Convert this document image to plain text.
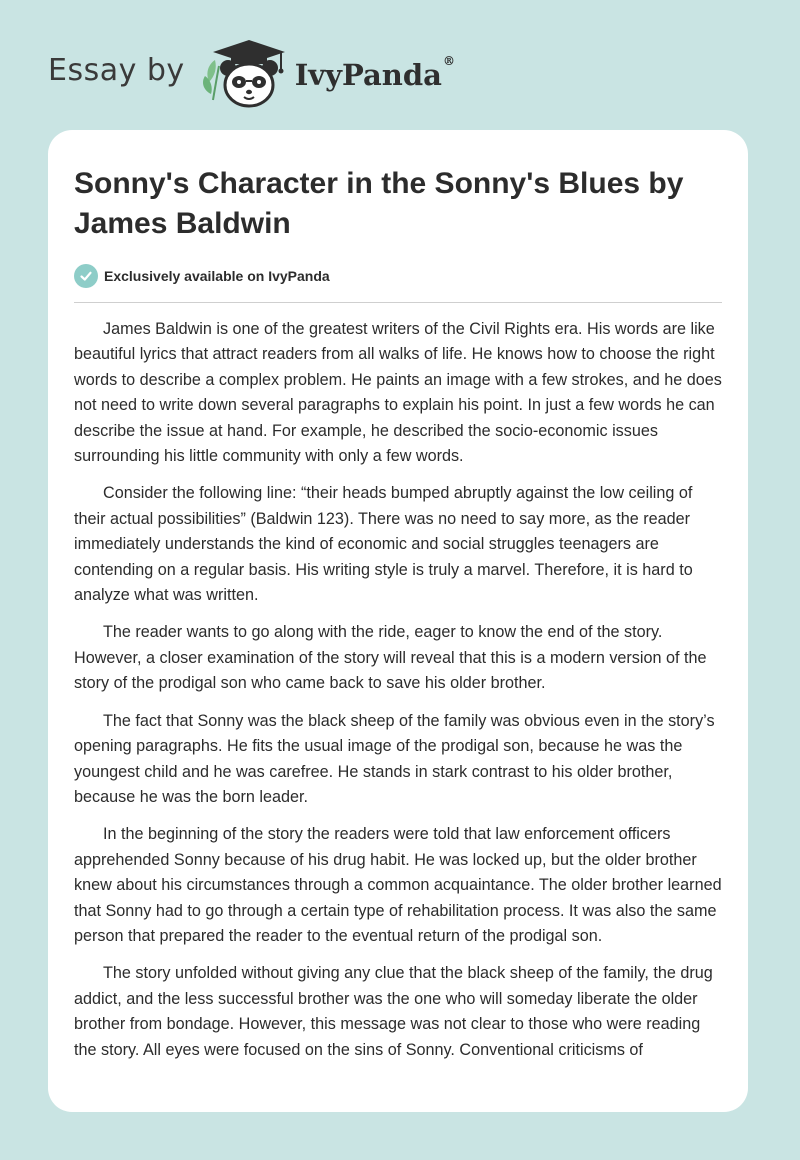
Essay by	IvyPanda®
Sonny's Character in the Sonny's Blues by James Baldwin
Exclusively available on IvyPanda

James Baldwin is one of the greatest writers of the Civil Rights era. His words are like beautiful lyrics that attract readers from all walks of life. He knows how to choose the right words to describe a complex problem. He paints an image with a few strokes, and he does not need to write down several paragraphs to explain his point. In just a few words he can describe the issue at hand. For example, he described the socio-economic issues surrounding his little community with only a few words.

Consider the following line: “their heads bumped abruptly against the low ceiling of their actual possibilities” (Baldwin 123). There was no need to say more, as the reader immediately understands the kind of economic and social struggles teenagers are contending on a regular basis. His writing style is truly a marvel. Therefore, it is hard to analyze what was written.

The reader wants to go along with the ride, eager to know the end of the story. However, a closer examination of the story will reveal that this is a modern version of the story of the prodigal son who came back to save his older brother.

The fact that Sonny was the black sheep of the family was obvious even in the story’s opening paragraphs. He fits the usual image of the prodigal son, because he was the youngest child and he was carefree. He stands in stark contrast to his older brother, because he was the born leader.

In the beginning of the story the readers were told that law enforcement officers apprehended Sonny because of his drug habit. He was locked up, but the older brother knew about his circumstances through a common acquaintance. The older brother learned that Sonny had to go through a certain type of rehabilitation process. It was also the same person that prepared the reader to the eventual return of the prodigal son.

The story unfolded without giving any clue that the black sheep of the family, the drug addict, and the less successful brother was the one who will someday liberate the older brother from bondage. However, this message was not clear to those who were reading the story. All eyes were focused on the sins of Sonny. Conventional criticisms of
